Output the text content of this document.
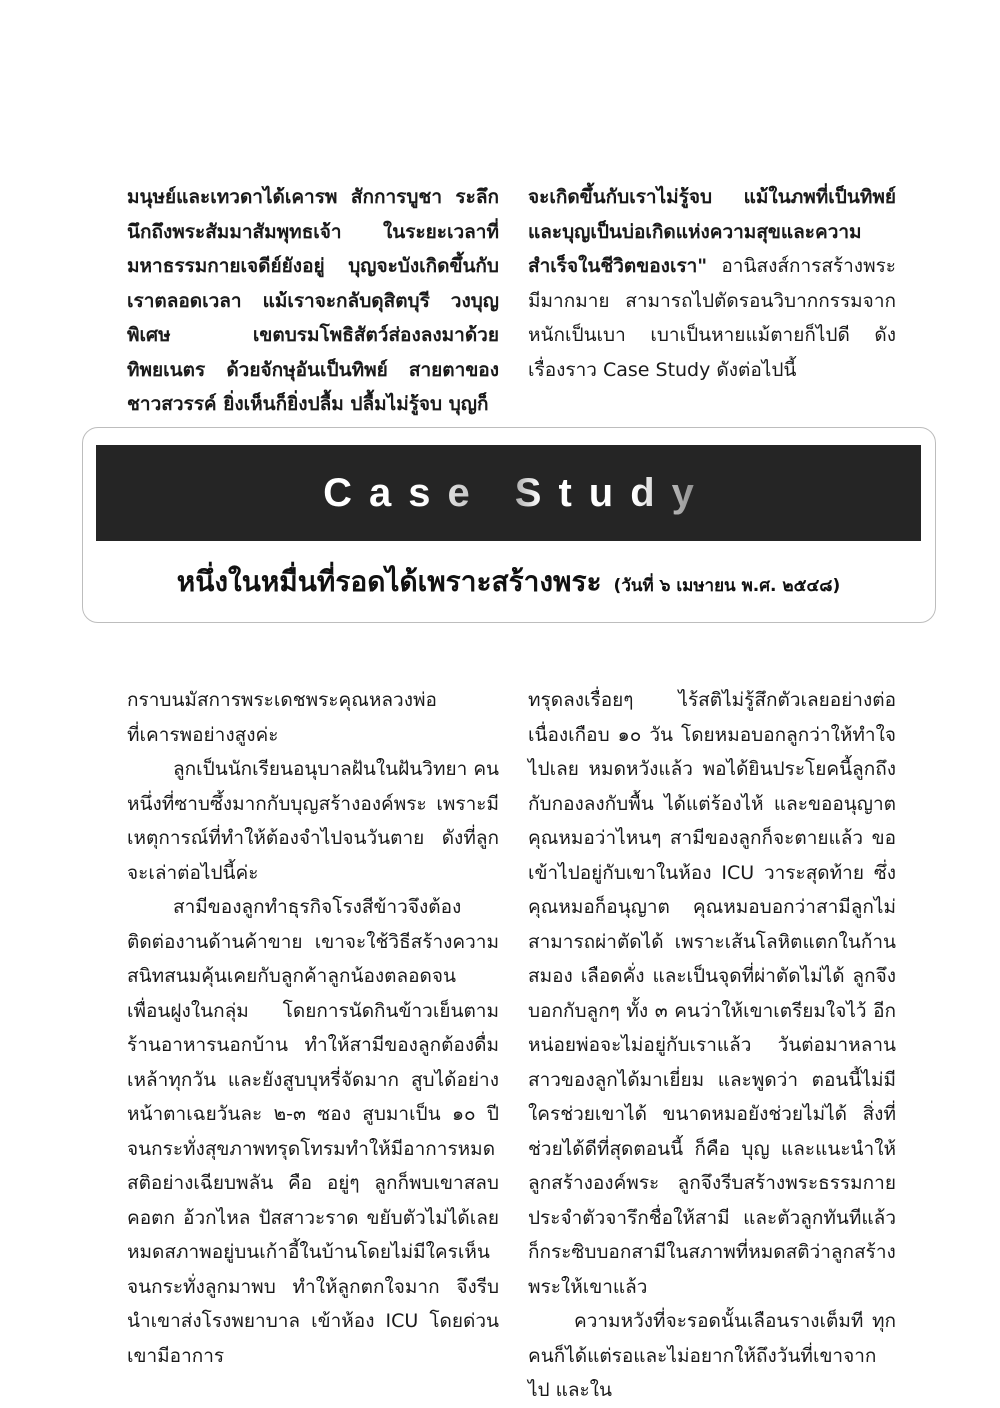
มนุษย์และเทวดาได้เคารพ สักการบูชา ระลึกนึกถึงพระสัมมาสัมพุทธเจ้า ในระยะเวลาที่มหาธรรมกายเจดีย์ยังอยู่ บุญจะบังเกิดขึ้นกับเราตลอดเวลา แม้เราจะกลับดุสิตบุรี วงบุญพิเศษ เขตบรมโพธิสัตว์ส่องลงมาด้วยทิพยเนตร ด้วยจักษุอันเป็นทิพย์ สายตาของชาวสวรรค์ ยิ่งเห็นก็ยิ่งปลื้ม ปลื้มไม่รู้จบ บุญก็

จะเกิดขึ้นกับเราไม่รู้จบ แม้ในภพที่เป็นทิพย์ และบุญเป็นบ่อเกิดแห่งความสุขและความสำเร็จในชีวิตของเรา" อานิสงส์การสร้างพระมีมากมาย สามารถไปตัดรอนวิบากกรรมจากหนักเป็นเบา เบาเป็นหายแม้ตายก็ไปดี ดังเรื่องราว Case Study ดังต่อไปนี้

Case Study
หนึ่งในหมื่นที่รอดได้เพราะสร้างพระ (วันที่ ๖ เมษายน พ.ศ. ๒๕๔๘)

กราบนมัสการพระเดชพระคุณหลวงพ่อ

ที่เคารพอย่างสูงค่ะ

ลูกเป็นนักเรียนอนุบาลฝันในฝันวิทยา คนหนึ่งที่ซาบซึ้งมากกับบุญสร้างองค์พระ เพราะมีเหตุการณ์ที่ทำให้ต้องจำไปจนวันตาย ดังที่ลูกจะเล่าต่อไปนี้ค่ะ

สามีของลูกทำธุรกิจโรงสีข้าวจึงต้องติดต่องานด้านค้าขาย เขาจะใช้วิธีสร้างความสนิทสนมคุ้นเคยกับลูกค้าลูกน้องตลอดจนเพื่อนฝูงในกลุ่ม โดยการนัดกินข้าวเย็นตามร้านอาหารนอกบ้าน ทำให้สามีของลูกต้องดื่มเหล้าทุกวัน และยังสูบบุหรี่จัดมาก สูบได้อย่างหน้าตาเฉยวันละ ๒-๓ ซอง สูบมาเป็น ๑๐ ปี จนกระทั่งสุขภาพทรุดโทรมทำให้มีอาการหมดสติอย่างเฉียบพลัน คือ อยู่ๆ ลูกก็พบเขาสลบคอตก อ้วกไหล ปัสสาวะราด ขยับตัวไม่ได้เลย หมดสภาพอยู่บนเก้าอี้ในบ้านโดยไม่มีใครเห็น จนกระทั่งลูกมาพบ ทำให้ลูกตกใจมาก จึงรีบนำเขาส่งโรงพยาบาล เข้าห้อง ICU โดยด่วน เขามีอาการ

ทรุดลงเรื่อยๆ ไร้สติไม่รู้สึกตัวเลยอย่างต่อเนื่องเกือบ ๑๐ วัน โดยหมอบอกลูกว่าให้ทำใจไปเลย หมดหวังแล้ว พอได้ยินประโยคนี้ลูกถึงกับกองลงกับพื้น ได้แต่ร้องไห้ และขออนุญาตคุณหมอว่าไหนๆ สามีของลูกก็จะตายแล้ว ขอเข้าไปอยู่กับเขาในห้อง ICU วาระสุดท้าย ซึ่งคุณหมอก็อนุญาต คุณหมอบอกว่าสามีลูกไม่สามารถผ่าตัดได้ เพราะเส้นโลหิตแตกในก้านสมอง เลือดคั่ง และเป็นจุดที่ผ่าตัดไม่ได้ ลูกจึงบอกกับลูกๆ ทั้ง ๓ คนว่าให้เขาเตรียมใจไว้ อีกหน่อยพ่อจะไม่อยู่กับเราแล้ว วันต่อมาหลานสาวของลูกได้มาเยี่ยม และพูดว่า ตอนนี้ไม่มีใครช่วยเขาได้ ขนาดหมอยังช่วยไม่ได้ สิ่งที่ช่วยได้ดีที่สุดตอนนี้ ก็คือ บุญ และแนะนำให้ลูกสร้างองค์พระ ลูกจึงรีบสร้างพระธรรมกายประจำตัวจารึกชื่อให้สามี และตัวลูกทันทีแล้วก็กระซิบบอกสามีในสภาพที่หมดสติว่าลูกสร้างพระให้เขาแล้ว

ความหวังที่จะรอดนั้นเลือนรางเต็มที ทุกคนก็ได้แต่รอและไม่อยากให้ถึงวันที่เขาจากไป และใน
